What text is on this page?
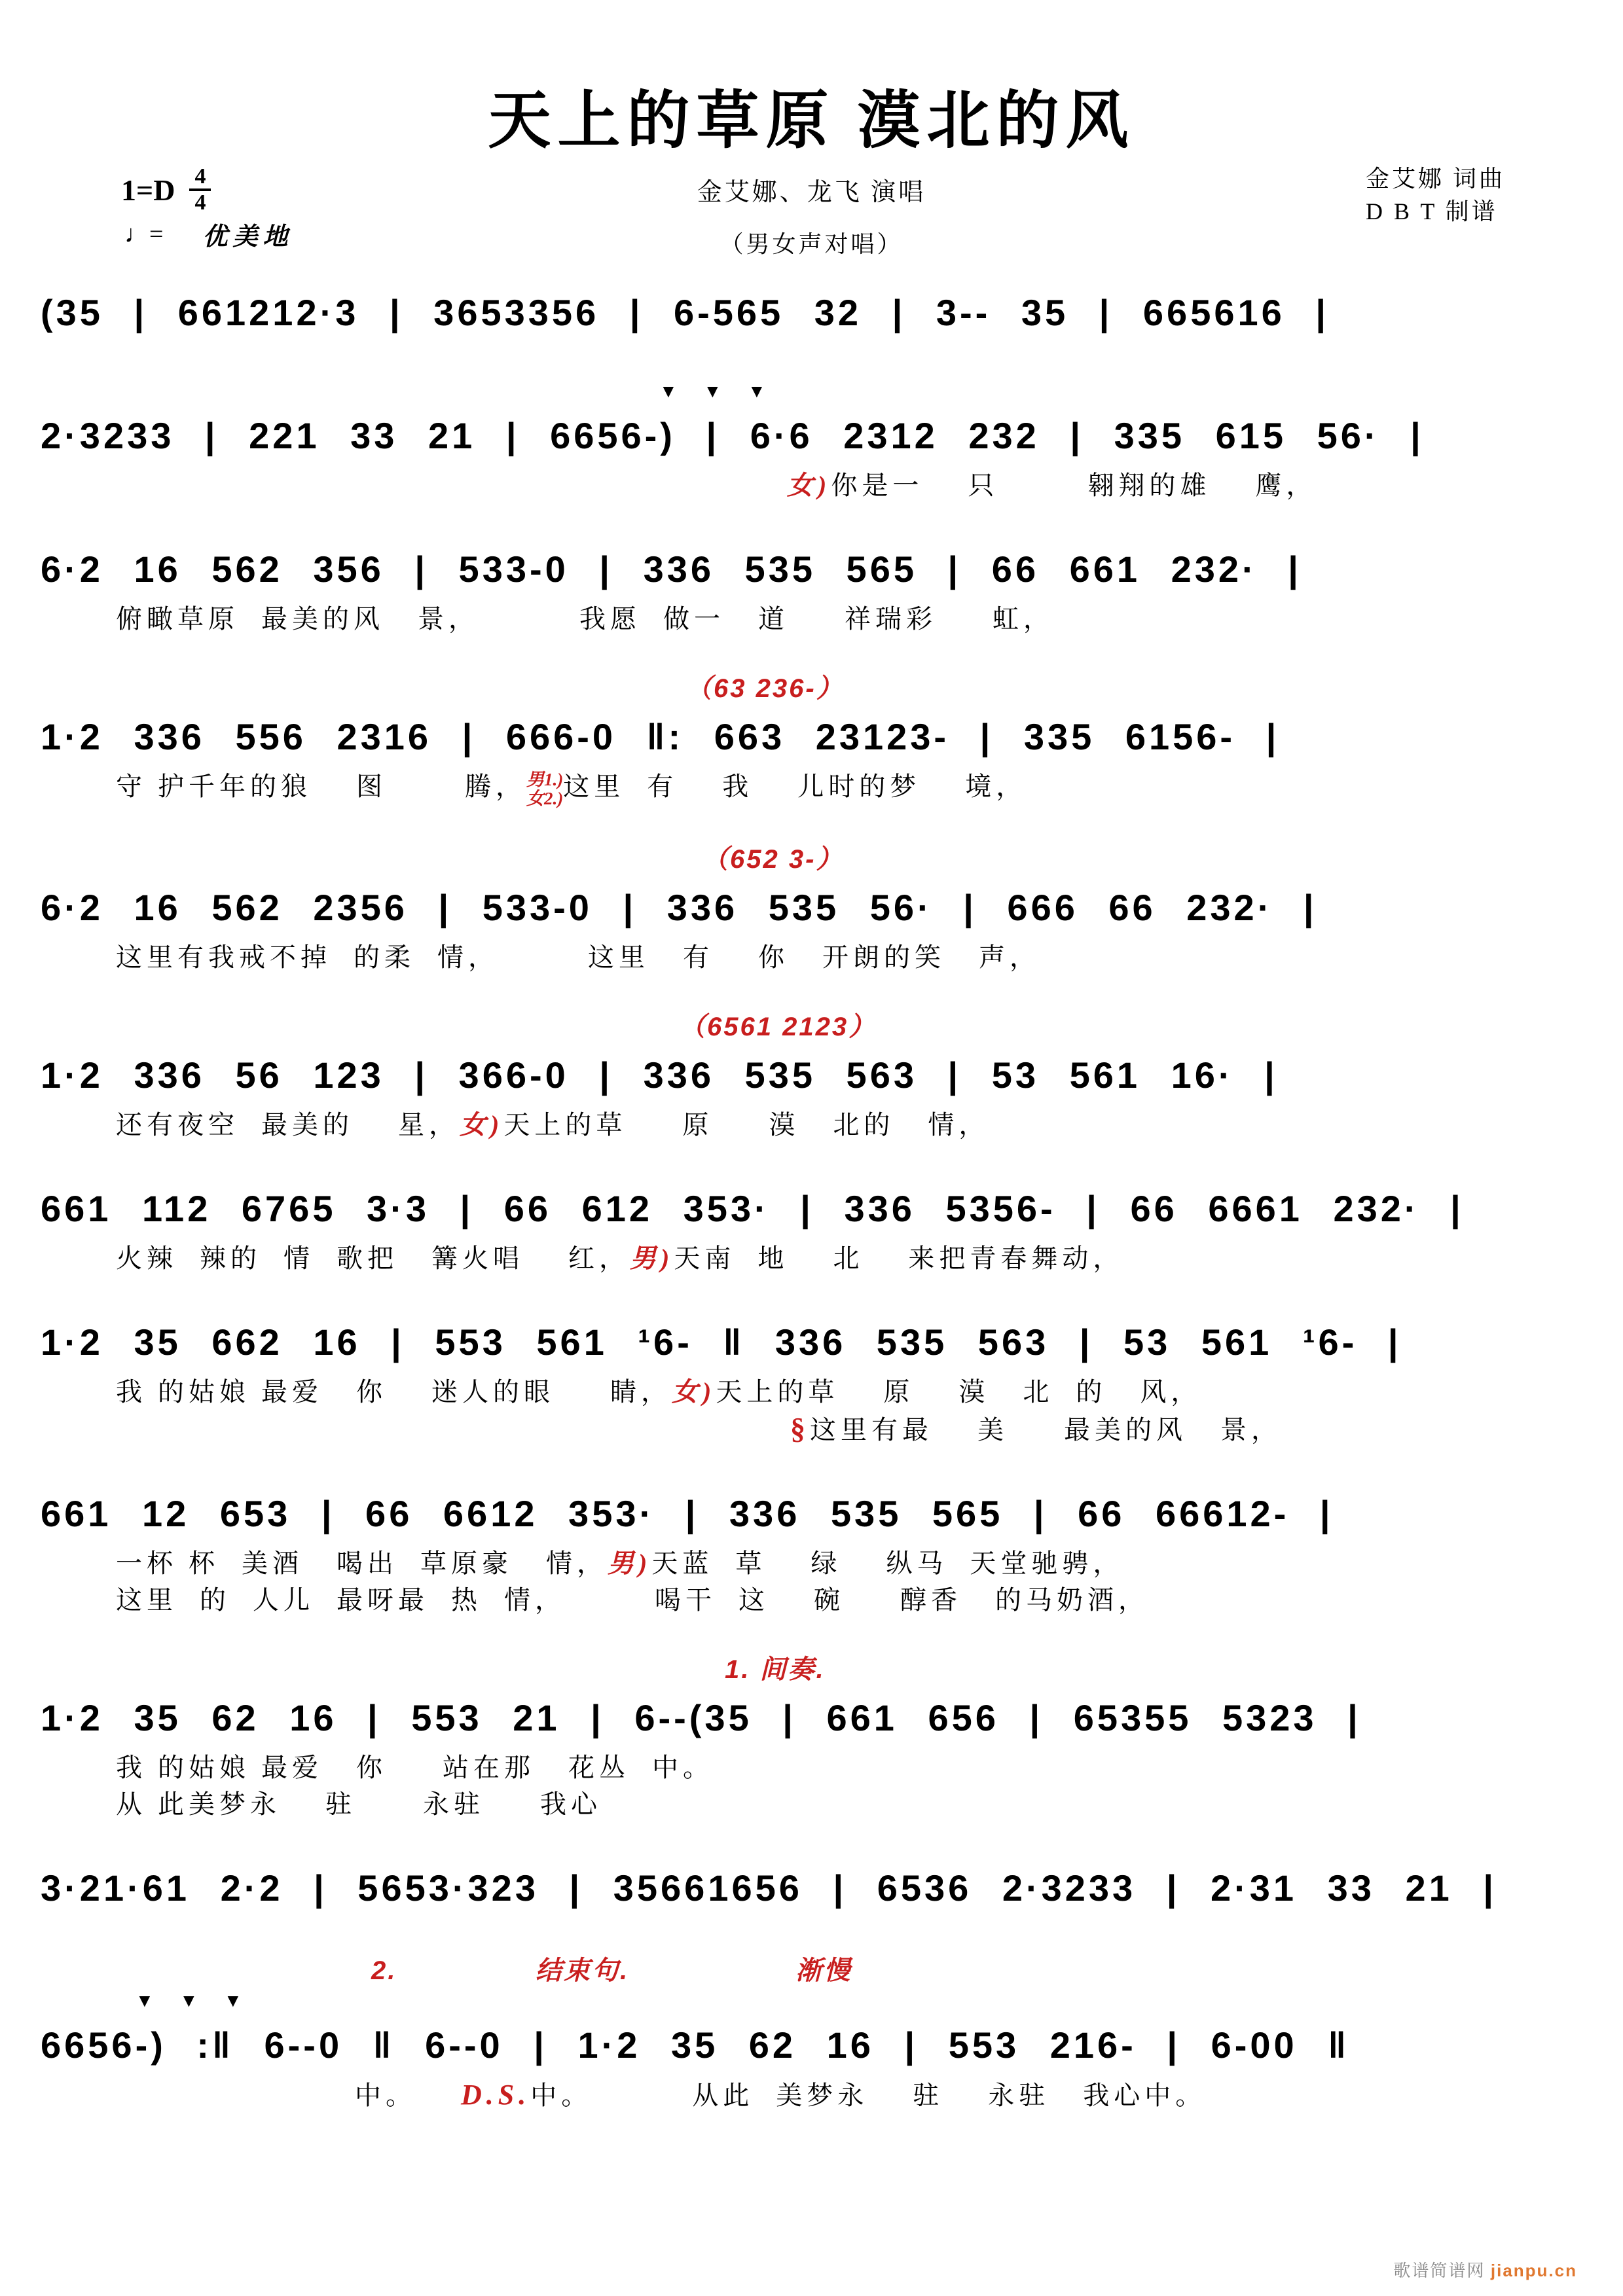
天上的草原 漠北的风
金艾娜、龙飞 演唱
（男女声对唱）
$1=D \frac{4}{4}$
♩= 优美地
金艾娜 词曲
D B T 制谱
(35 | 661212·3 | 3653356 | 6-565 32 | 3-- 35 | 665616 |
▼ ▼ ▼
2·3233 | 221 33 21 | 6656-) | 6·6 2312 232 | 335 615 56· |
女)你是一    只        翱翔的雄    鹰，
6·2 16 562 356 | 533-0 | 336 535 565 | 66 661 232· |
俯瞰草原  最美的风   景，         我愿  做一   道     祥瑞彩     虹，
（63 236-）
1·2 336 556 2316 | 666-0 ‖: 663 23123- | 335 6156- |
守 护千年的狼    图       腾， 男1.)
女2.) 这里  有    我    儿时的梦    境，
（652 3-）
6·2 16 562 2356 | 533-0 | 336 535 56· | 666 66 232· |
这里有我戒不掉  的柔  情，        这里   有    你   开朗的笑   声，
（6561 2123）
1·2 336 56 123 | 366-0 | 336 535 563 | 53 561 16· |
还有夜空  最美的    星，女)天上的草     原     漠   北的   情，
661 112 6765 3·3 | 66 612 353· | 336 5356- | 66 6661 232· |
火辣  辣的  情  歌把   篝火唱    红，男)天南  地    北    来把青春舞动，
1·2 35 662 16 | 553 561 ¹6- ‖ 336 535 563 | 53 561 ¹6- |
我 的姑娘 最爱   你    迷人的眼     睛，女)天上的草    原    漠   北  的   风，
§这里有最    美     最美的风   景，
661 12 653 | 66 6612 353· | 336 535 565 | 66 66612- |
一杯 杯  美酒   喝出  草原豪   情，男)天蓝  草    绿    纵马  天堂驰骋，
这里  的  人儿  最呀最  热  情，        喝干  这    碗     醇香   的马奶酒，
1. 间奏.
1·2 35 62 16 | 553 21 | 6--(35 | 661 656 | 65355 5323 |
我 的姑娘 最爱   你     站在那   花丛  中。
从 此美梦永    驻      永驻     我心
3·21·61 2·2 | 5653·323 | 35661656 | 6536 2·3233 | 2·31 33 21 |
2.               结束句.                  渐慢
▼ ▼ ▼
6656-) :‖ 6--0 ‖ 6--0 | 1·2 35 62 16 | 553 216- | 6-00 ‖
中。    D.S.中。         从此  美梦永    驻    永驻   我心中。
歌谱简谱网 jianpu.cn
